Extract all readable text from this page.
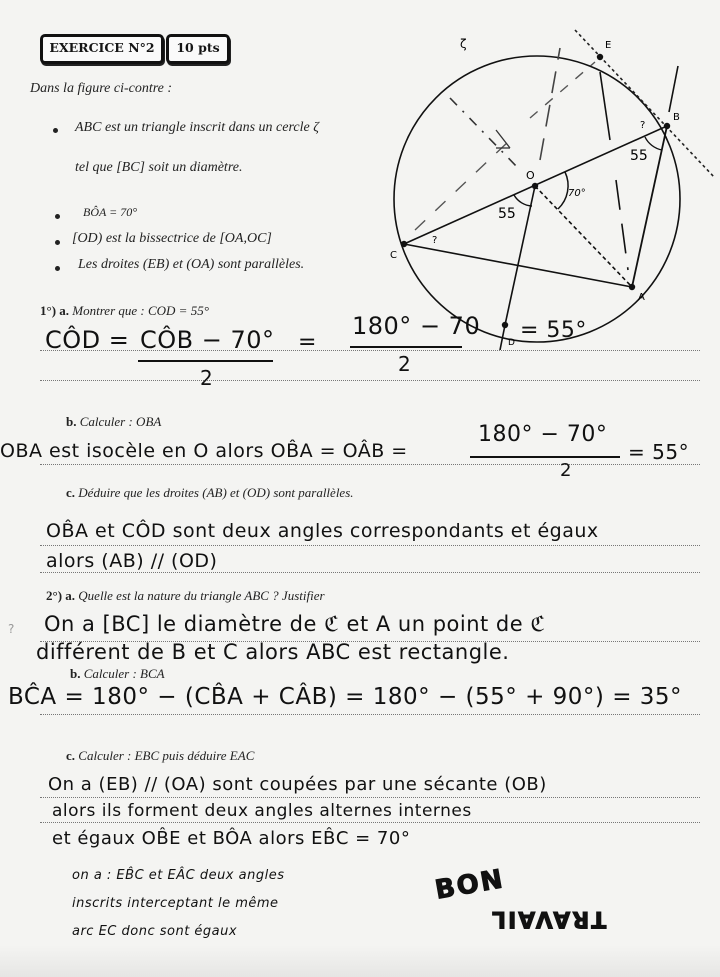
EXERCICE N°2	10 pts
Dans la figure ci-contre :
ABC est un triangle inscrit dans un cercle ζ
tel que [BC] soit un diamètre.
BÔA = 70°
[OD) est la bissectrice de [OA,OC]
Les droites (EB) et (OA) sont parallèles.
ζ	E
B
O
C
A
D
70°
55
55
?
?
1°) a. Montrer que : COD = 55°
CÔD = CÔB − 70°
2
=
180° − 70
2
= 55°
b. Calculer : OBA
OBA est isocèle en O alors OB̂A = OÂB =
180° − 70°
2
= 55°
c. Déduire que les droites (AB) et (OD) sont parallèles.
OB̂A et CÔD sont deux angles correspondants et égaux
alors (AB) // (OD)
?
2°) a. Quelle est la nature du triangle ABC ? Justifier
On a [BC] le diamètre de ℭ et A un point de ℭ
différent de B et C alors ABC est rectangle.
b. Calculer : BCA
BĈA = 180° − (CB̂A + CÂB) = 180° − (55° + 90°) = 35°
c. Calculer : EBC puis déduire EAC
On a (EB) // (OA) sont coupées par une sécante (OB)
alors ils forment deux angles alternes internes
et égaux OB̂E et BÔA alors EB̂C = 70°
on a : EB̂C et EÂC deux angles
inscrits interceptant le même
arc EC donc sont égaux
BON
TRAVAIL
